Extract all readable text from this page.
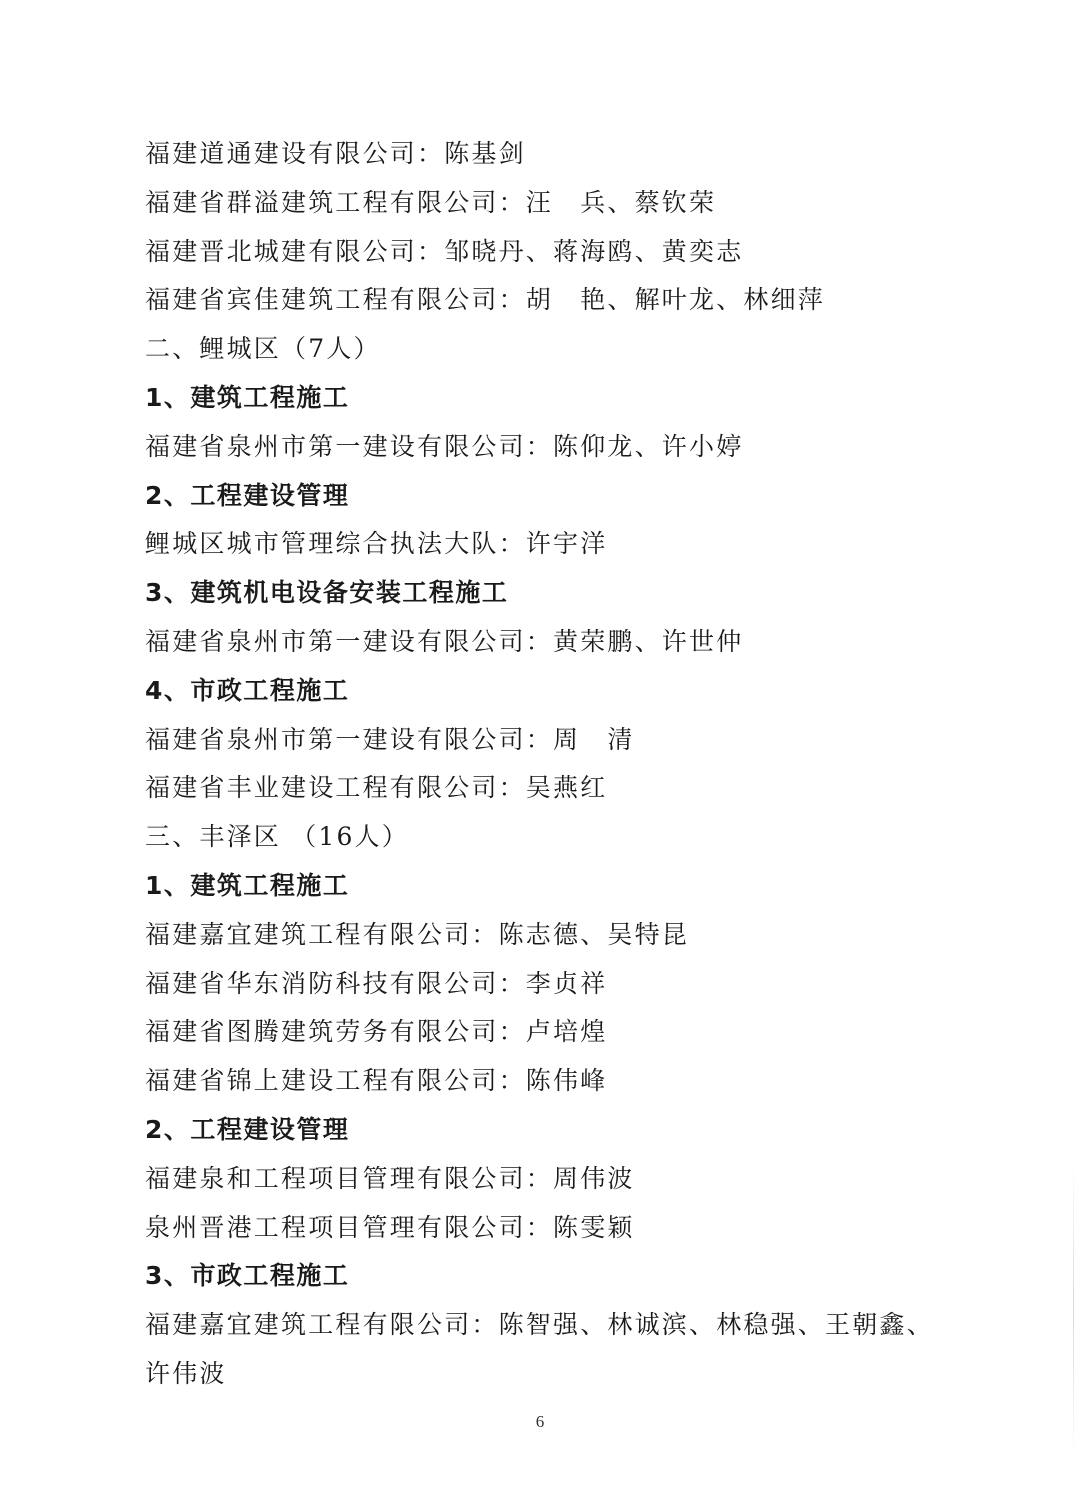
福建道通建设有限公司：陈基剑
福建省群溢建筑工程有限公司：汪　兵、蔡钦荣
福建晋北城建有限公司：邹晓丹、蒋海鸥、黄奕志
福建省宾佳建筑工程有限公司：胡　艳、解叶龙、林细萍
二、鲤城区（7人）
1、建筑工程施工
福建省泉州市第一建设有限公司：陈仰龙、许小婷
2、工程建设管理
鲤城区城市管理综合执法大队：许宇洋
3、建筑机电设备安装工程施工
福建省泉州市第一建设有限公司：黄荣鹏、许世仲
4、市政工程施工
福建省泉州市第一建设有限公司：周　清
福建省丰业建设工程有限公司：吴燕红
三、丰泽区 （16人）
1、建筑工程施工
福建嘉宜建筑工程有限公司：陈志德、吴特昆
福建省华东消防科技有限公司：李贞祥
福建省图腾建筑劳务有限公司：卢培煌
福建省锦上建设工程有限公司：陈伟峰
2、工程建设管理
福建泉和工程项目管理有限公司：周伟波
泉州晋港工程项目管理有限公司：陈雯颖
3、市政工程施工
福建嘉宜建筑工程有限公司：陈智强、林诚滨、林稳强、王朝鑫、
许伟波
6
